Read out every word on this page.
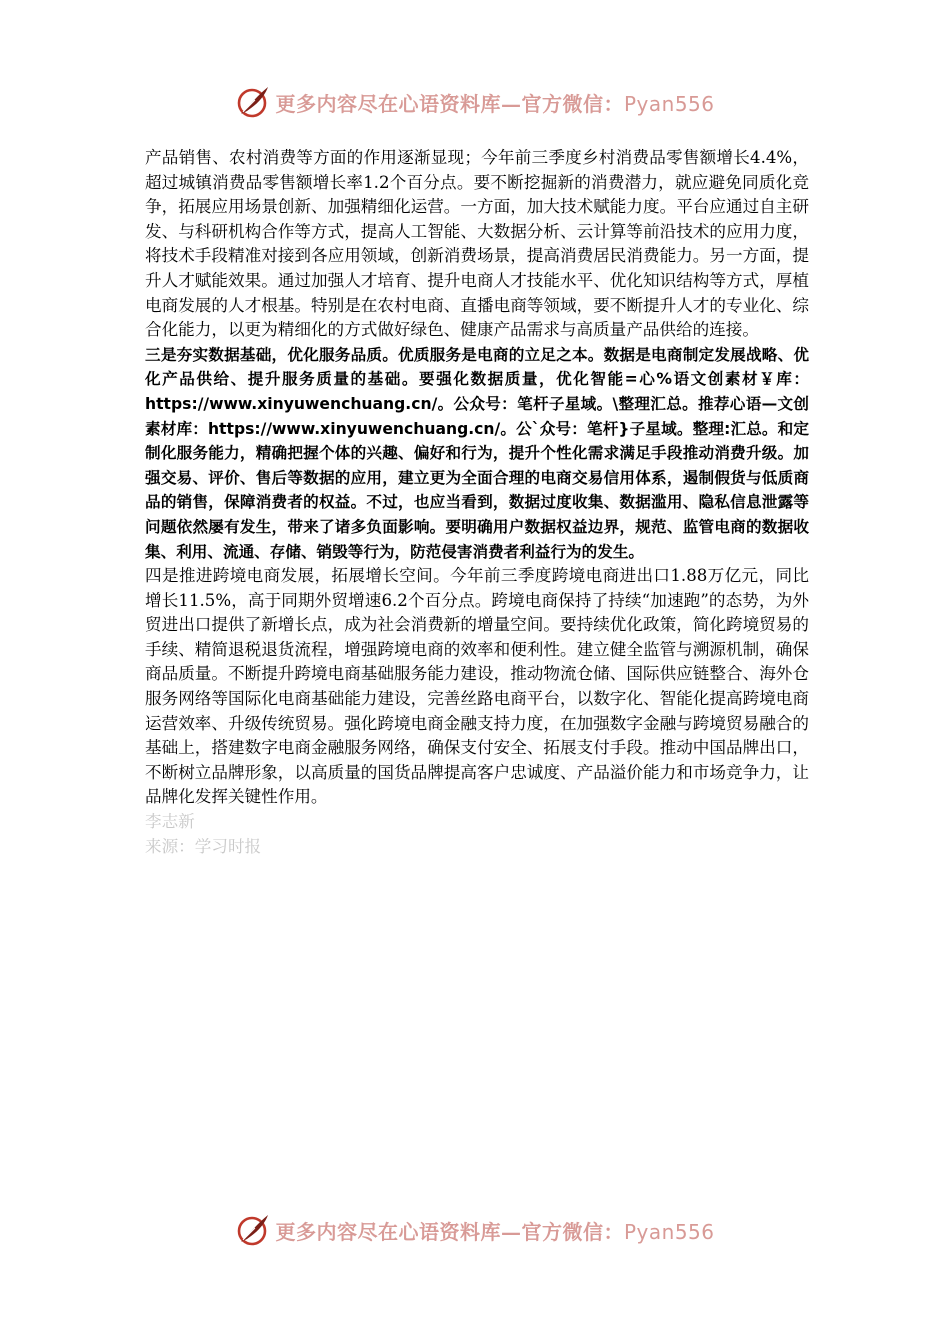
更多内容尽在心语资料库—官方微信：Pyan556

产品销售、农村消费等方面的作用逐渐显现；今年前三季度乡村消费品零售额增长4.4%，超过城镇消费品零售额增长率1.2个百分点。要不断挖掘新的消费潜力，就应避免同质化竞争，拓展应用场景创新、加强精细化运营。一方面，加大技术赋能力度。平台应通过自主研发、与科研机构合作等方式，提高人工智能、大数据分析、云计算等前沿技术的应用力度，将技术手段精准对接到各应用领域，创新消费场景，提高消费居民消费能力。另一方面，提升人才赋能效果。通过加强人才培育、提升电商人才技能水平、优化知识结构等方式，厚植电商发展的人才根基。特别是在农村电商、直播电商等领域，要不断提升人才的专业化、综合化能力，以更为精细化的方式做好绿色、健康产品需求与高质量产品供给的连接。

三是夯实数据基础，优化服务品质。优质服务是电商的立足之本。数据是电商制定发展战略、优化产品供给、提升服务质量的基础。要强化数据质量，优化智能=心%语文创素材￥库：https://www.xinyuwenchuang.cn/。公众号：笔杆子星域。\整理汇总。推荐心语—文创素材库：https://www.xinyuwenchuang.cn/。公`众号：笔杆}子星域。整理:汇总。和定制化服务能力，精确把握个体的兴趣、偏好和行为，提升个性化需求满足手段推动消费升级。加强交易、评价、售后等数据的应用，建立更为全面合理的电商交易信用体系，遏制假货与低质商品的销售，保障消费者的权益。不过，也应当看到，数据过度收集、数据滥用、隐私信息泄露等问题依然屡有发生，带来了诸多负面影响。要明确用户数据权益边界，规范、监管电商的数据收集、利用、流通、存储、销毁等行为，防范侵害消费者利益行为的发生。

四是推进跨境电商发展，拓展增长空间。今年前三季度跨境电商进出口1.88万亿元，同比增长11.5%，高于同期外贸增速6.2个百分点。跨境电商保持了持续“加速跑”的态势，为外贸进出口提供了新增长点，成为社会消费新的增量空间。要持续优化政策，简化跨境贸易的手续、精简退税退货流程，增强跨境电商的效率和便利性。建立健全监管与溯源机制，确保商品质量。不断提升跨境电商基础服务能力建设，推动物流仓储、国际供应链整合、海外仓服务网络等国际化电商基础能力建设，完善丝路电商平台，以数字化、智能化提高跨境电商运营效率、升级传统贸易。强化跨境电商金融支持力度，在加强数字金融与跨境贸易融合的基础上，搭建数字电商金融服务网络，确保支付安全、拓展支付手段。推动中国品牌出口，不断树立品牌形象，以高质量的国货品牌提高客户忠诚度、产品溢价能力和市场竞争力，让品牌化发挥关键性作用。

李志新

来源：学习时报

更多内容尽在心语资料库—官方微信：Pyan556
